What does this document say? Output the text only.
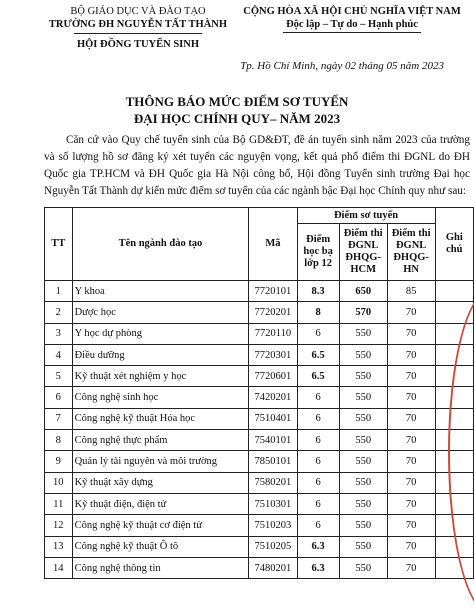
BỘ GIÁO DỤC VÀ ĐÀO TẠO
TRƯỜNG ĐH NGUYỄN TẤT THÀNH
HỘI ĐỒNG TUYỂN SINH
CỘNG HÒA XÃ HỘI CHỦ NGHĨA VIỆT NAM
Độc lập – Tự do – Hạnh phúc
Tp. Hồ Chí Minh, ngày 02 tháng 05 năm 2023
THÔNG BÁO MỨC ĐIỂM SƠ TUYỂN
ĐẠI HỌC CHÍNH QUY– NĂM 2023
Căn cứ vào Quy chế tuyển sinh của Bộ GD&ĐT, đề án tuyển sinh năm 2023 của trường và số lượng hồ sơ đăng ký xét tuyển các nguyện vọng, kết quả phổ điểm thi ĐGNL do ĐH Quốc gia TP.HCM và ĐH Quốc gia Hà Nội công bố, Hội đồng Tuyển sinh trường Đại học Nguyễn Tất Thành dự kiến mức điểm sơ tuyển của các ngành bậc Đại học Chính quy như sau:
TT	Tên ngành đào tạo	Mã	Điểm sơ tuyển			Ghi chú
			Điểm học bạ lớp 12	Điểm thi ĐGNL ĐHQG-HCM	Điểm thi ĐGNL ĐHQG-HN	
1	Y khoa	7720101	8.3	650	85	
2	Dược học	7720201	8	570	70	
3	Y học dự phòng	7720110	6	550	70	
4	Điều dưỡng	7720301	6.5	550	70	
5	Kỹ thuật xét nghiệm y học	7720601	6.5	550	70	
6	Công nghệ sinh học	7420201	6	550	70	
7	Công nghệ kỹ thuật Hóa học	7510401	6	550	70	
8	Công nghệ thực phẩm	7540101	6	550	70	
9	Quản lý tài nguyên và môi trường	7850101	6	550	70	
10	Kỹ thuật xây dựng	7580201	6	550	70	
11	Kỹ thuật điện, điện tử	7510301	6	550	70	
12	Công nghệ kỹ thuật cơ điện tử	7510203	6	550	70	
13	Công nghệ kỹ thuật Ô tô	7510205	6.3	550	70	
14	Công nghệ thông tin	7480201	6.3	550	70	
